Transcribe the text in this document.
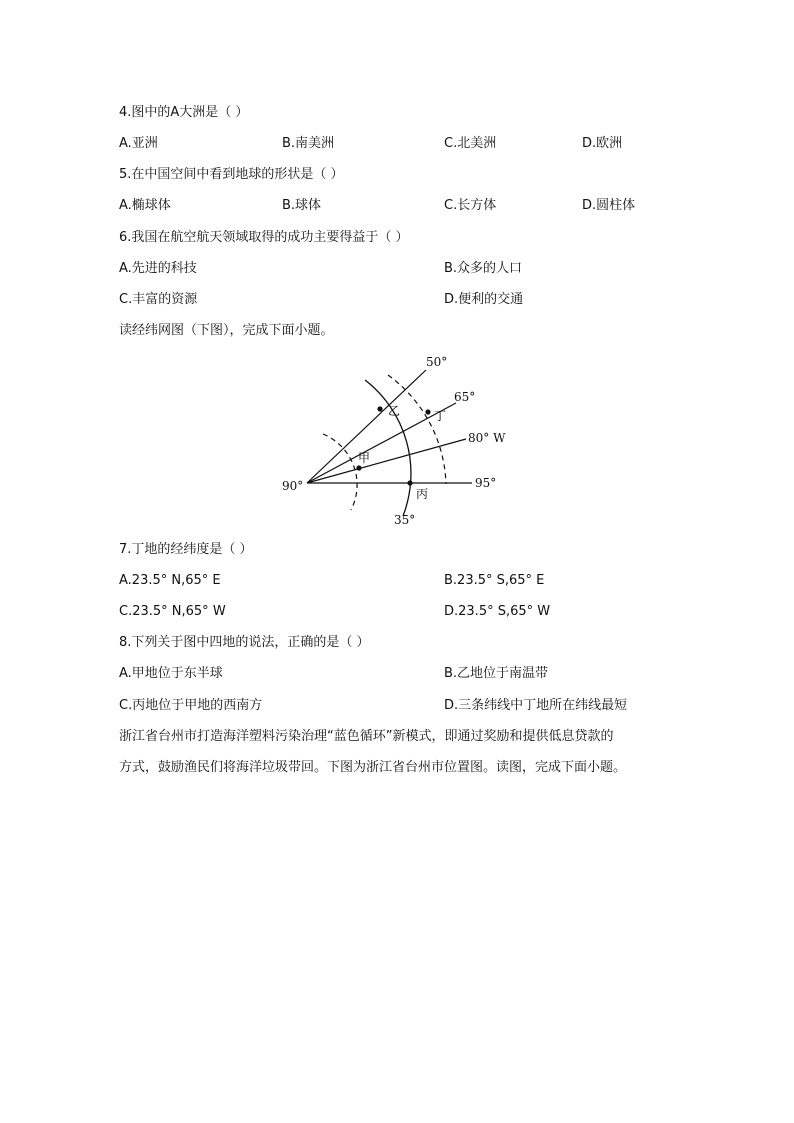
4.图中的A大洲是（ ）
A.亚洲	B.南美洲	C.北美洲	D.欧洲
5.在中国空间中看到地球的形状是（ ）
A.椭球体	B.球体	C.长方体	D.圆柱体
6.我国在航空航天领域取得的成功主要得益于（ ）
A.先进的科技	B.众多的人口
C.丰富的资源	D.便利的交通
读经纬网图（下图），完成下面小题。
50°
65°
80° W
95°
90°
35°
乙	丁
甲
丙
7.丁地的经纬度是（ ）
A.23.5° N,65° E	B.23.5° S,65° E
C.23.5° N,65° W	D.23.5° S,65° W
8.下列关于图中四地的说法，正确的是（ ）
A.甲地位于东半球	B.乙地位于南温带
C.丙地位于甲地的西南方	D.三条纬线中丁地所在纬线最短
浙江省台州市打造海洋塑料污染治理“蓝色循环”新模式，即通过奖励和提供低息贷款的
方式，鼓励渔民们将海洋垃圾带回。下图为浙江省台州市位置图。读图，完成下面小题。
